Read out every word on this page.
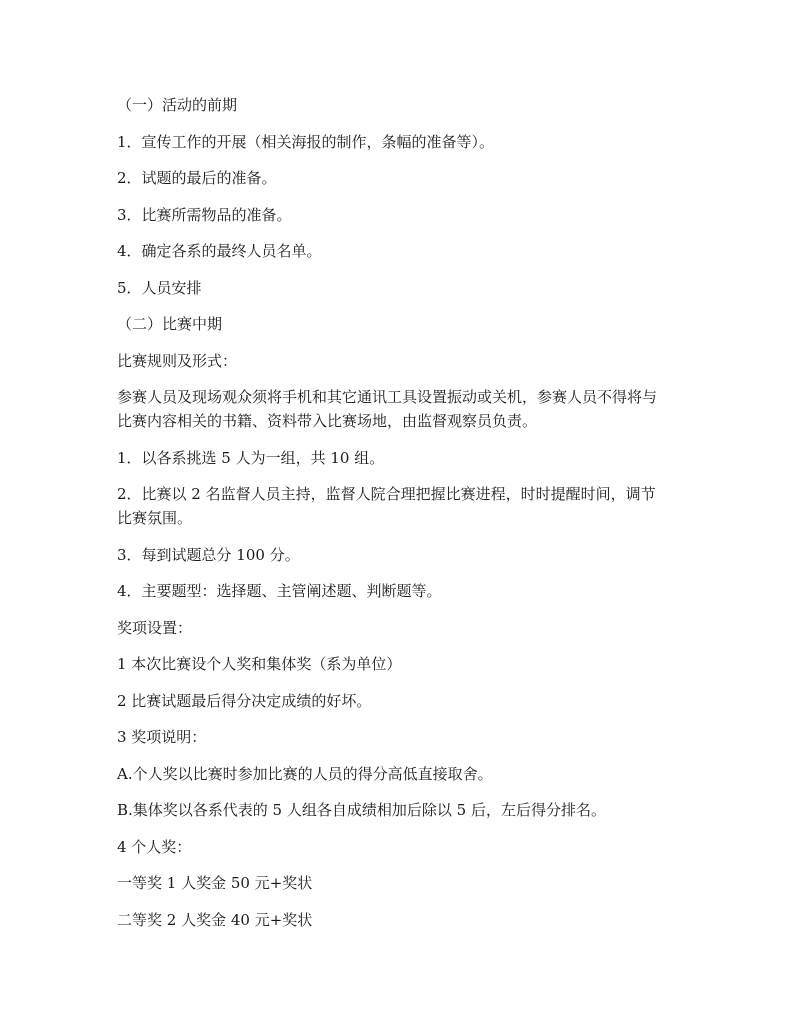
（一）活动的前期
1．宣传工作的开展（相关海报的制作，条幅的准备等）。
2．试题的最后的准备。
3．比赛所需物品的准备。
4．确定各系的最终人员名单。
5．人员安排
（二）比赛中期
比赛规则及形式：
参赛人员及现场观众须将手机和其它通讯工具设置振动或关机，参赛人员不得将与
比赛内容相关的书籍、资料带入比赛场地，由监督观察员负责。
1．以各系挑选 5 人为一组，共 10 组。
2．比赛以 2 名监督人员主持，监督人院合理把握比赛进程，时时提醒时间，调节
比赛氛围。
3．每到试题总分 100 分。
4．主要题型：选择题、主管阐述题、判断题等。
奖项设置：
1 本次比赛设个人奖和集体奖（系为单位）
2 比赛试题最后得分决定成绩的好坏。
3 奖项说明：
A.个人奖以比赛时参加比赛的人员的得分高低直接取舍。
B.集体奖以各系代表的 5 人组各自成绩相加后除以 5 后，左后得分排名。
4 个人奖：
一等奖 1 人奖金 50 元+奖状
二等奖 2 人奖金 40 元+奖状
